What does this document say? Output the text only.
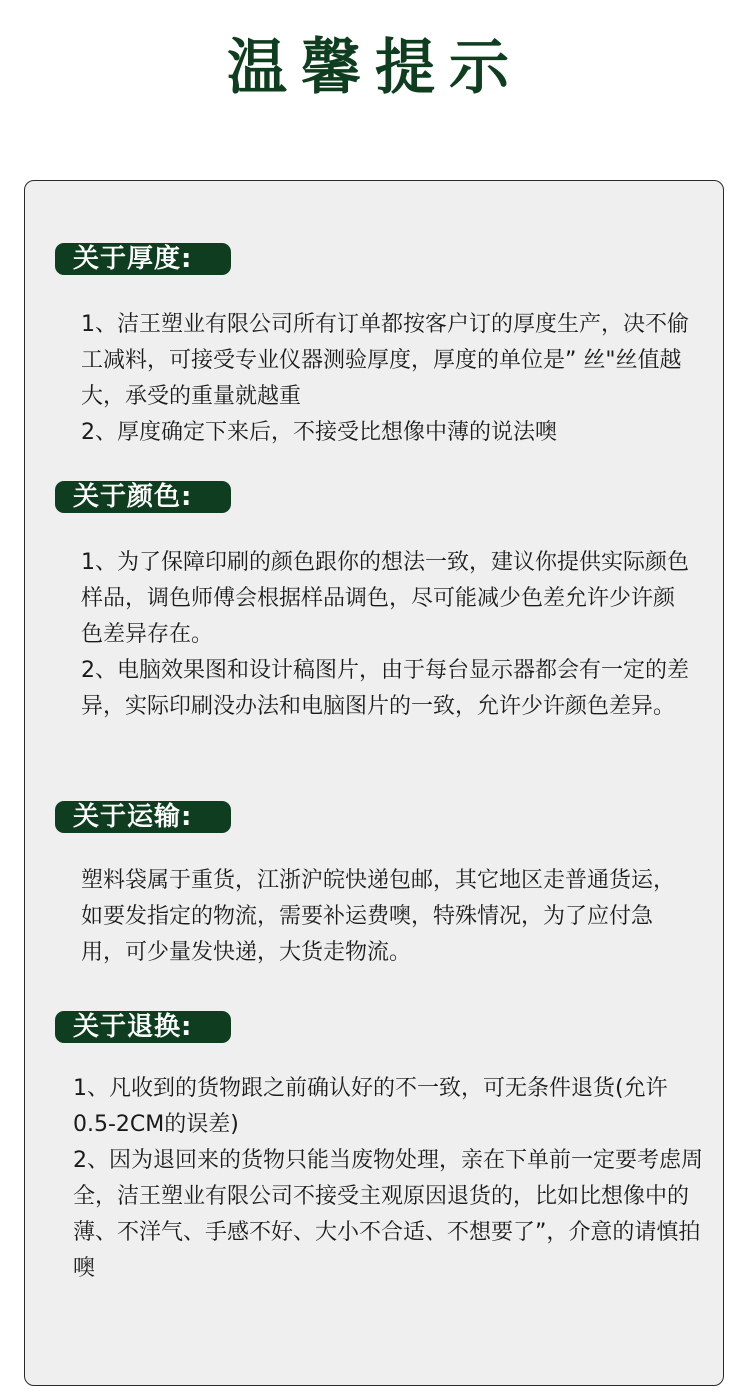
温馨提示
关于厚度:

1、洁王塑业有限公司所有订单都按客户订的厚度生产，决不偷工减料，可接受专业仪器测验厚度，厚度的单位是” 丝"丝值越大，承受的重量就越重

2、厚度确定下来后，不接受比想像中薄的说法噢

关于颜色:

1、为了保障印刷的颜色跟你的想法一致，建议你提供实际颜色样品，调色师傅会根据样品调色，尽可能减少色差允许少许颜色差异存在。

2、电脑效果图和设计稿图片，由于每台显示器都会有一定的差异，实际印刷没办法和电脑图片的一致，允许少许颜色差异。

关于运输:

塑料袋属于重货，江浙沪皖快递包邮，其它地区走普通货运，如要发指定的物流，需要补运费噢，特殊情况，为了应付急用，可少量发快递，大货走物流。

关于退换:

1、凡收到的货物跟之前确认好的不一致，可无条件退货(允许0.5-2CM的误差)

2、因为退回来的货物只能当废物处理，亲在下单前一定要考虑周全，洁王塑业有限公司不接受主观原因退货的，比如比想像中的薄、不洋气、手感不好、大小不合适、不想要了”，介意的请慎拍噢
